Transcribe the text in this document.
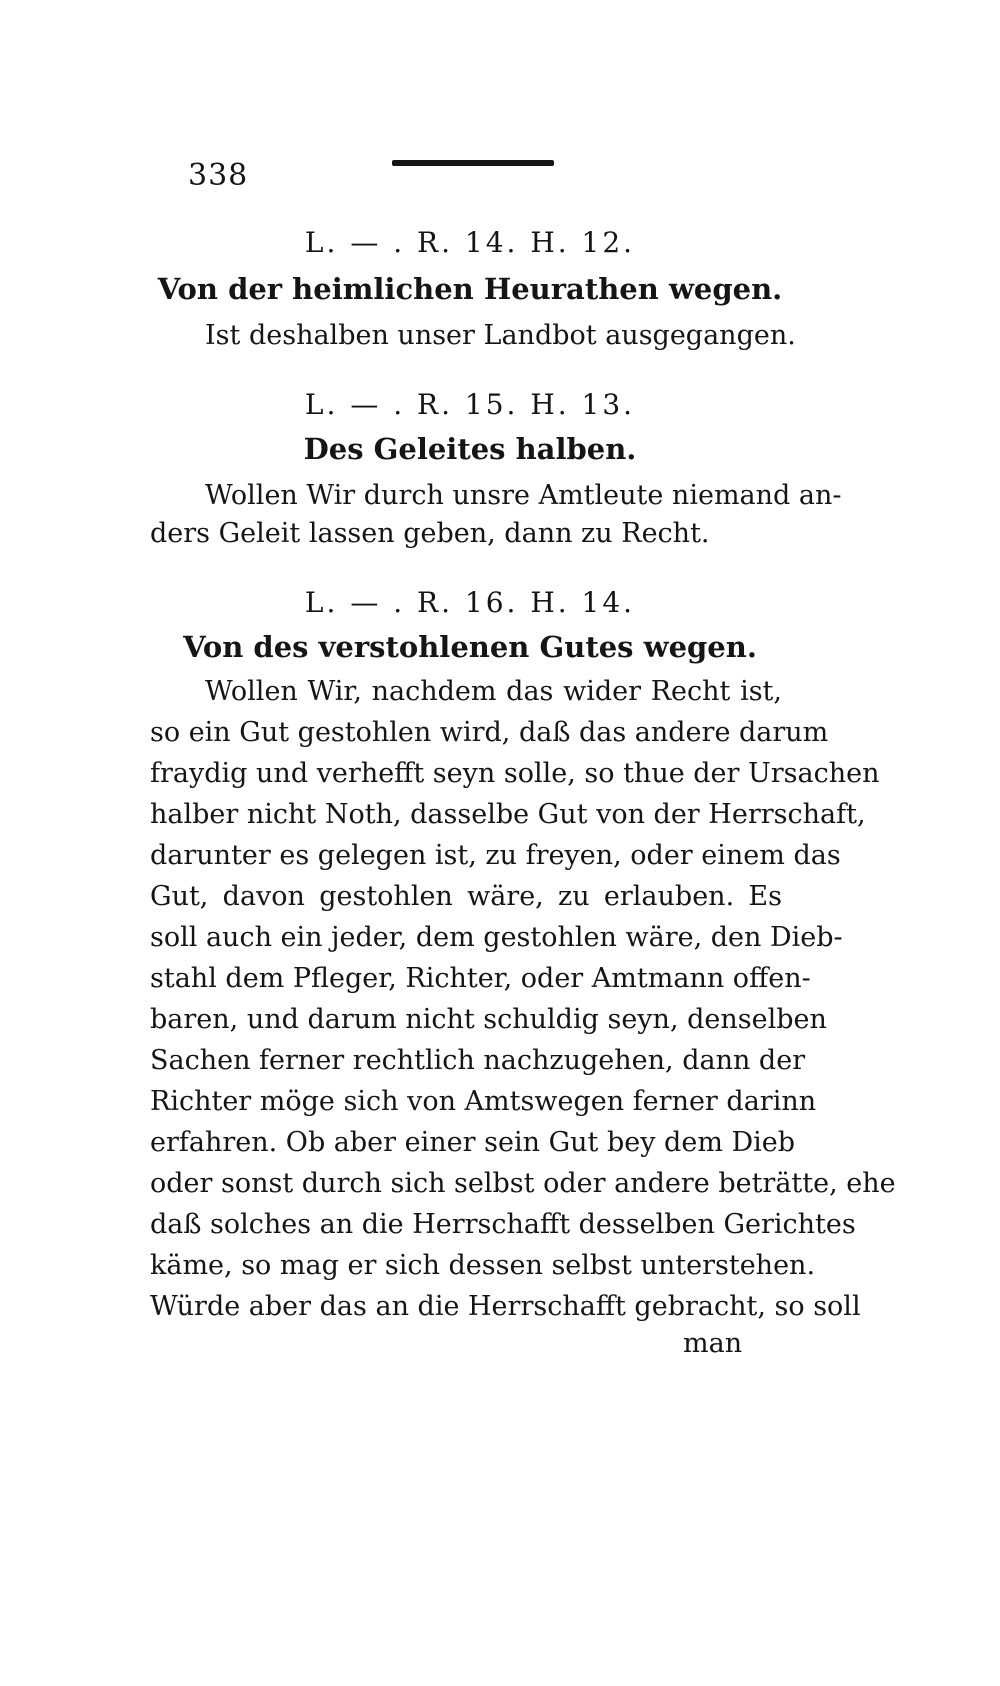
338
L. — . R. 14. H. 12.
Von der heimlichen Heurathen wegen.
Ist deshalben unser Landbot ausgegangen.
L. — . R. 15. H. 13.
Des Geleites halben.
Wollen Wir durch unsre Amtleute niemand an-
ders Geleit lassen geben, dann zu Recht.
L. — . R. 16. H. 14.
Von des verstohlenen Gutes wegen.
Wollen Wir, nachdem das wider Recht ist,
so ein Gut gestohlen wird, daß das andere darum
fraydig und verhefft seyn solle, so thue der Ursachen
halber nicht Noth, dasselbe Gut von der Herrschaft,
darunter es gelegen ist, zu freyen, oder einem das
Gut, davon gestohlen wäre, zu erlauben. Es
soll auch ein jeder, dem gestohlen wäre, den Dieb-
stahl dem Pfleger, Richter, oder Amtmann offen-
baren, und darum nicht schuldig seyn, denselben
Sachen ferner rechtlich nachzugehen, dann der
Richter möge sich von Amtswegen ferner darinn
erfahren. Ob aber einer sein Gut bey dem Dieb
oder sonst durch sich selbst oder andere beträtte, ehe
daß solches an die Herrschafft desselben Gerichtes
käme, so mag er sich dessen selbst unterstehen.
Würde aber das an die Herrschafft gebracht, so soll
man
